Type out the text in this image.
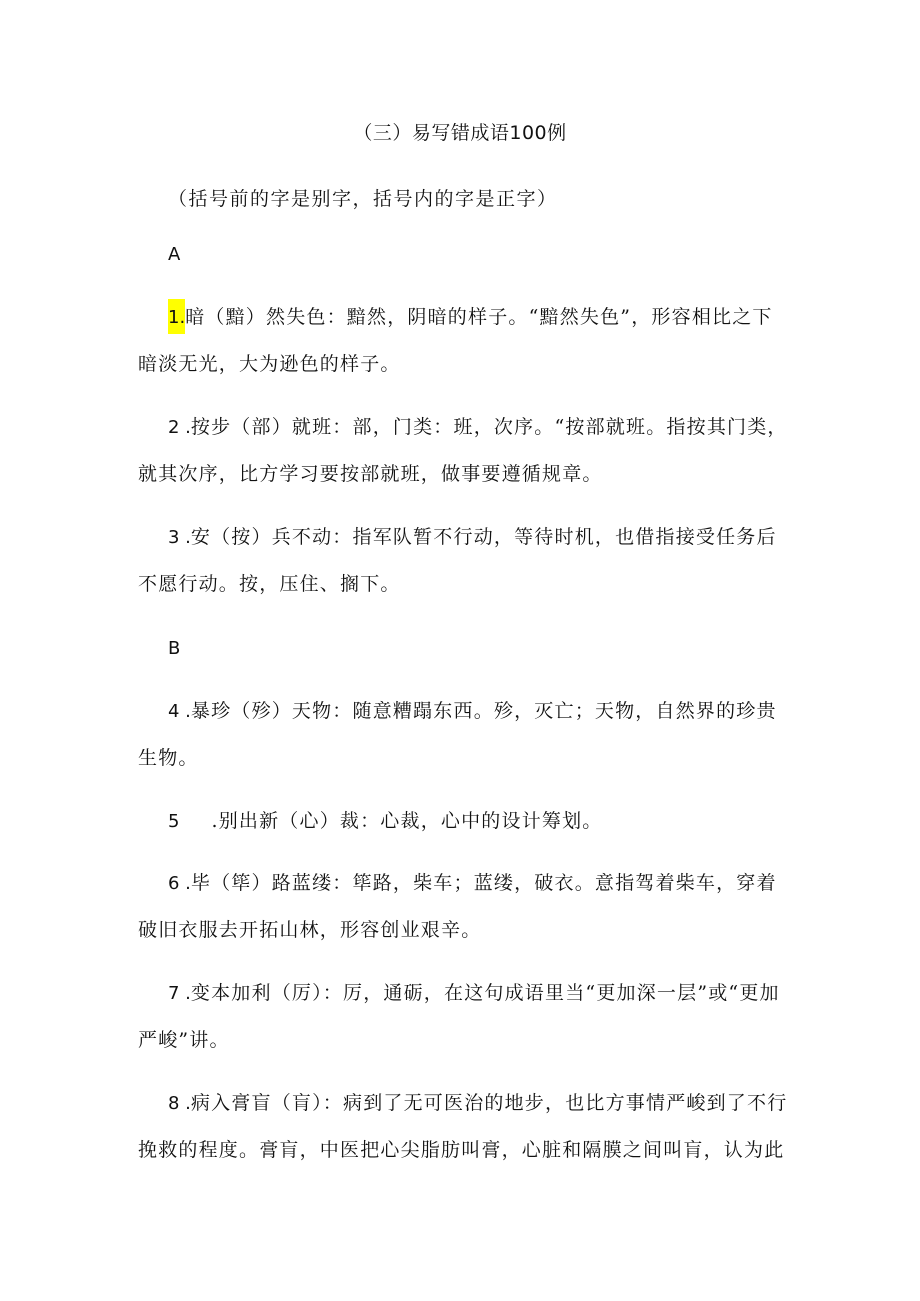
（三）易写错成语100例
（括号前的字是别字，括号内的字是正字）
A
1.暗（黯）然失色：黯然，阴暗的样子。“黯然失色”，形容相比之下暗淡无光，大为逊色的样子。
2 .按步（部）就班：部，门类：班，次序。“按部就班。指按其门类，就其次序，比方学习要按部就班，做事要遵循规章。
3 .安（按）兵不动：指军队暂不行动，等待时机，也借指接受任务后不愿行动。按，压住、搁下。
B
4 .暴珍（殄）天物：随意糟蹋东西。殄，灭亡；天物，自然界的珍贵生物。
5 .别出新（心）裁：心裁，心中的设计筹划。
6 .毕（筚）路蓝缕：筚路，柴车；蓝缕，破衣。意指驾着柴车，穿着破旧衣服去开拓山林，形容创业艰辛。
7 .变本加利（厉）：厉，通砺，在这句成语里当“更加深一层”或“更加严峻”讲。
8 .病入膏盲（肓）：病到了无可医治的地步，也比方事情严峻到了不行挽救的程度。膏肓，中医把心尖脂肪叫膏，心脏和隔膜之间叫肓，认为此
